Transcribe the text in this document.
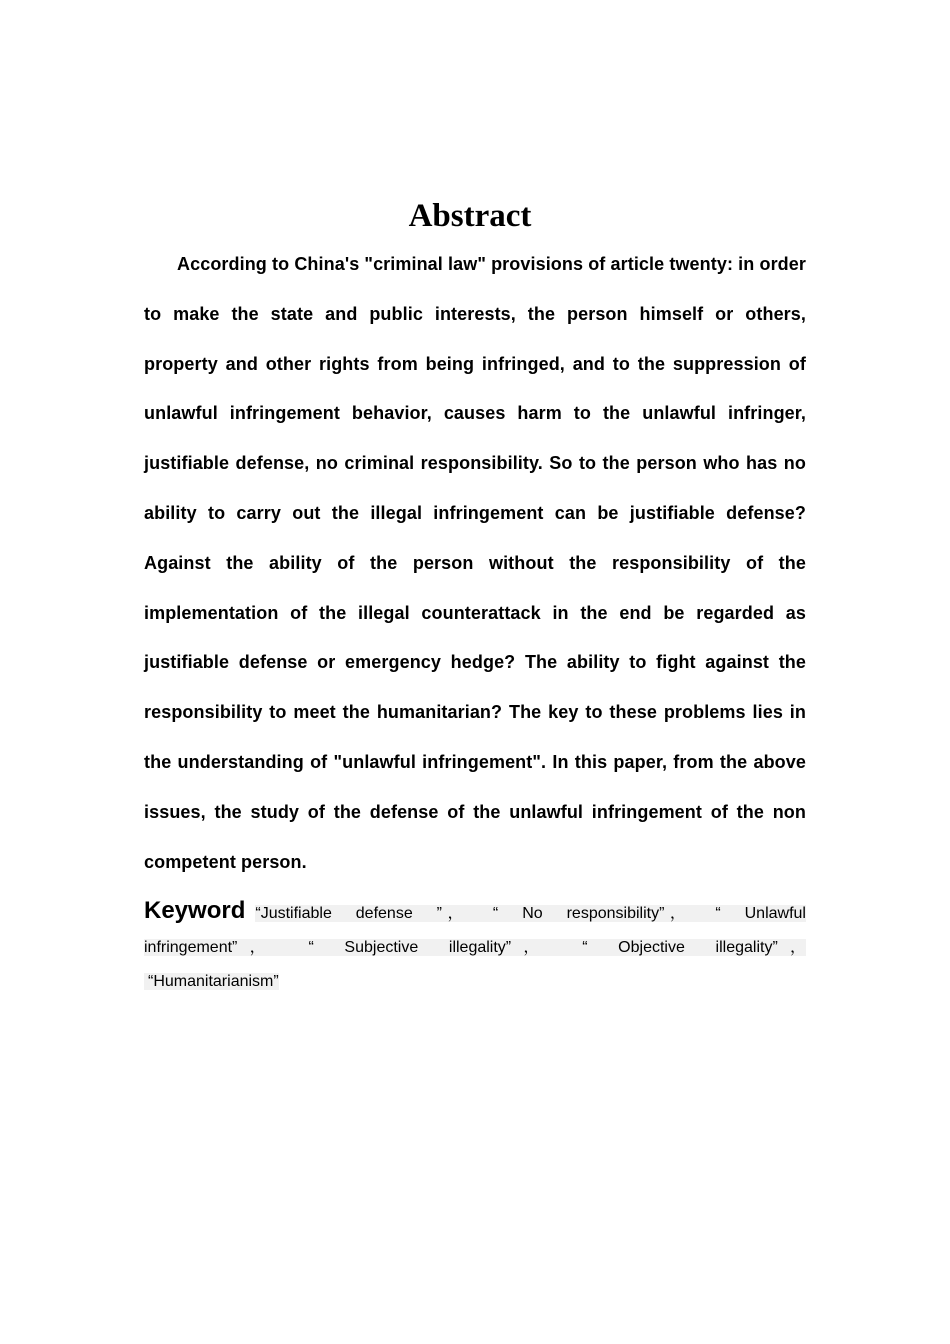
Abstract

According to China's "criminal law" provisions of article twenty: in order to make the state and public interests, the person himself or others, property and other rights from being infringed, and to the suppression of unlawful infringement behavior, causes harm to the unlawful infringer, justifiable defense, no criminal responsibility. So to the person who has no ability to carry out the illegal infringement can be justifiable defense? Against the ability of the person without the responsibility of the implementation of the illegal counterattack in the end be regarded as justifiable defense or emergency hedge? The ability to fight against the responsibility to meet the humanitarian? The key to these problems lies in the understanding of "unlawful infringement". In this paper, from the above issues, the study of the defense of the unlawful infringement of the non competent person.

Keyword “Justifiable defense ”， “ No responsibility”， “ Unlawful infringement”， “ Subjective illegality”， “ Objective illegality”， “Humanitarianism”
